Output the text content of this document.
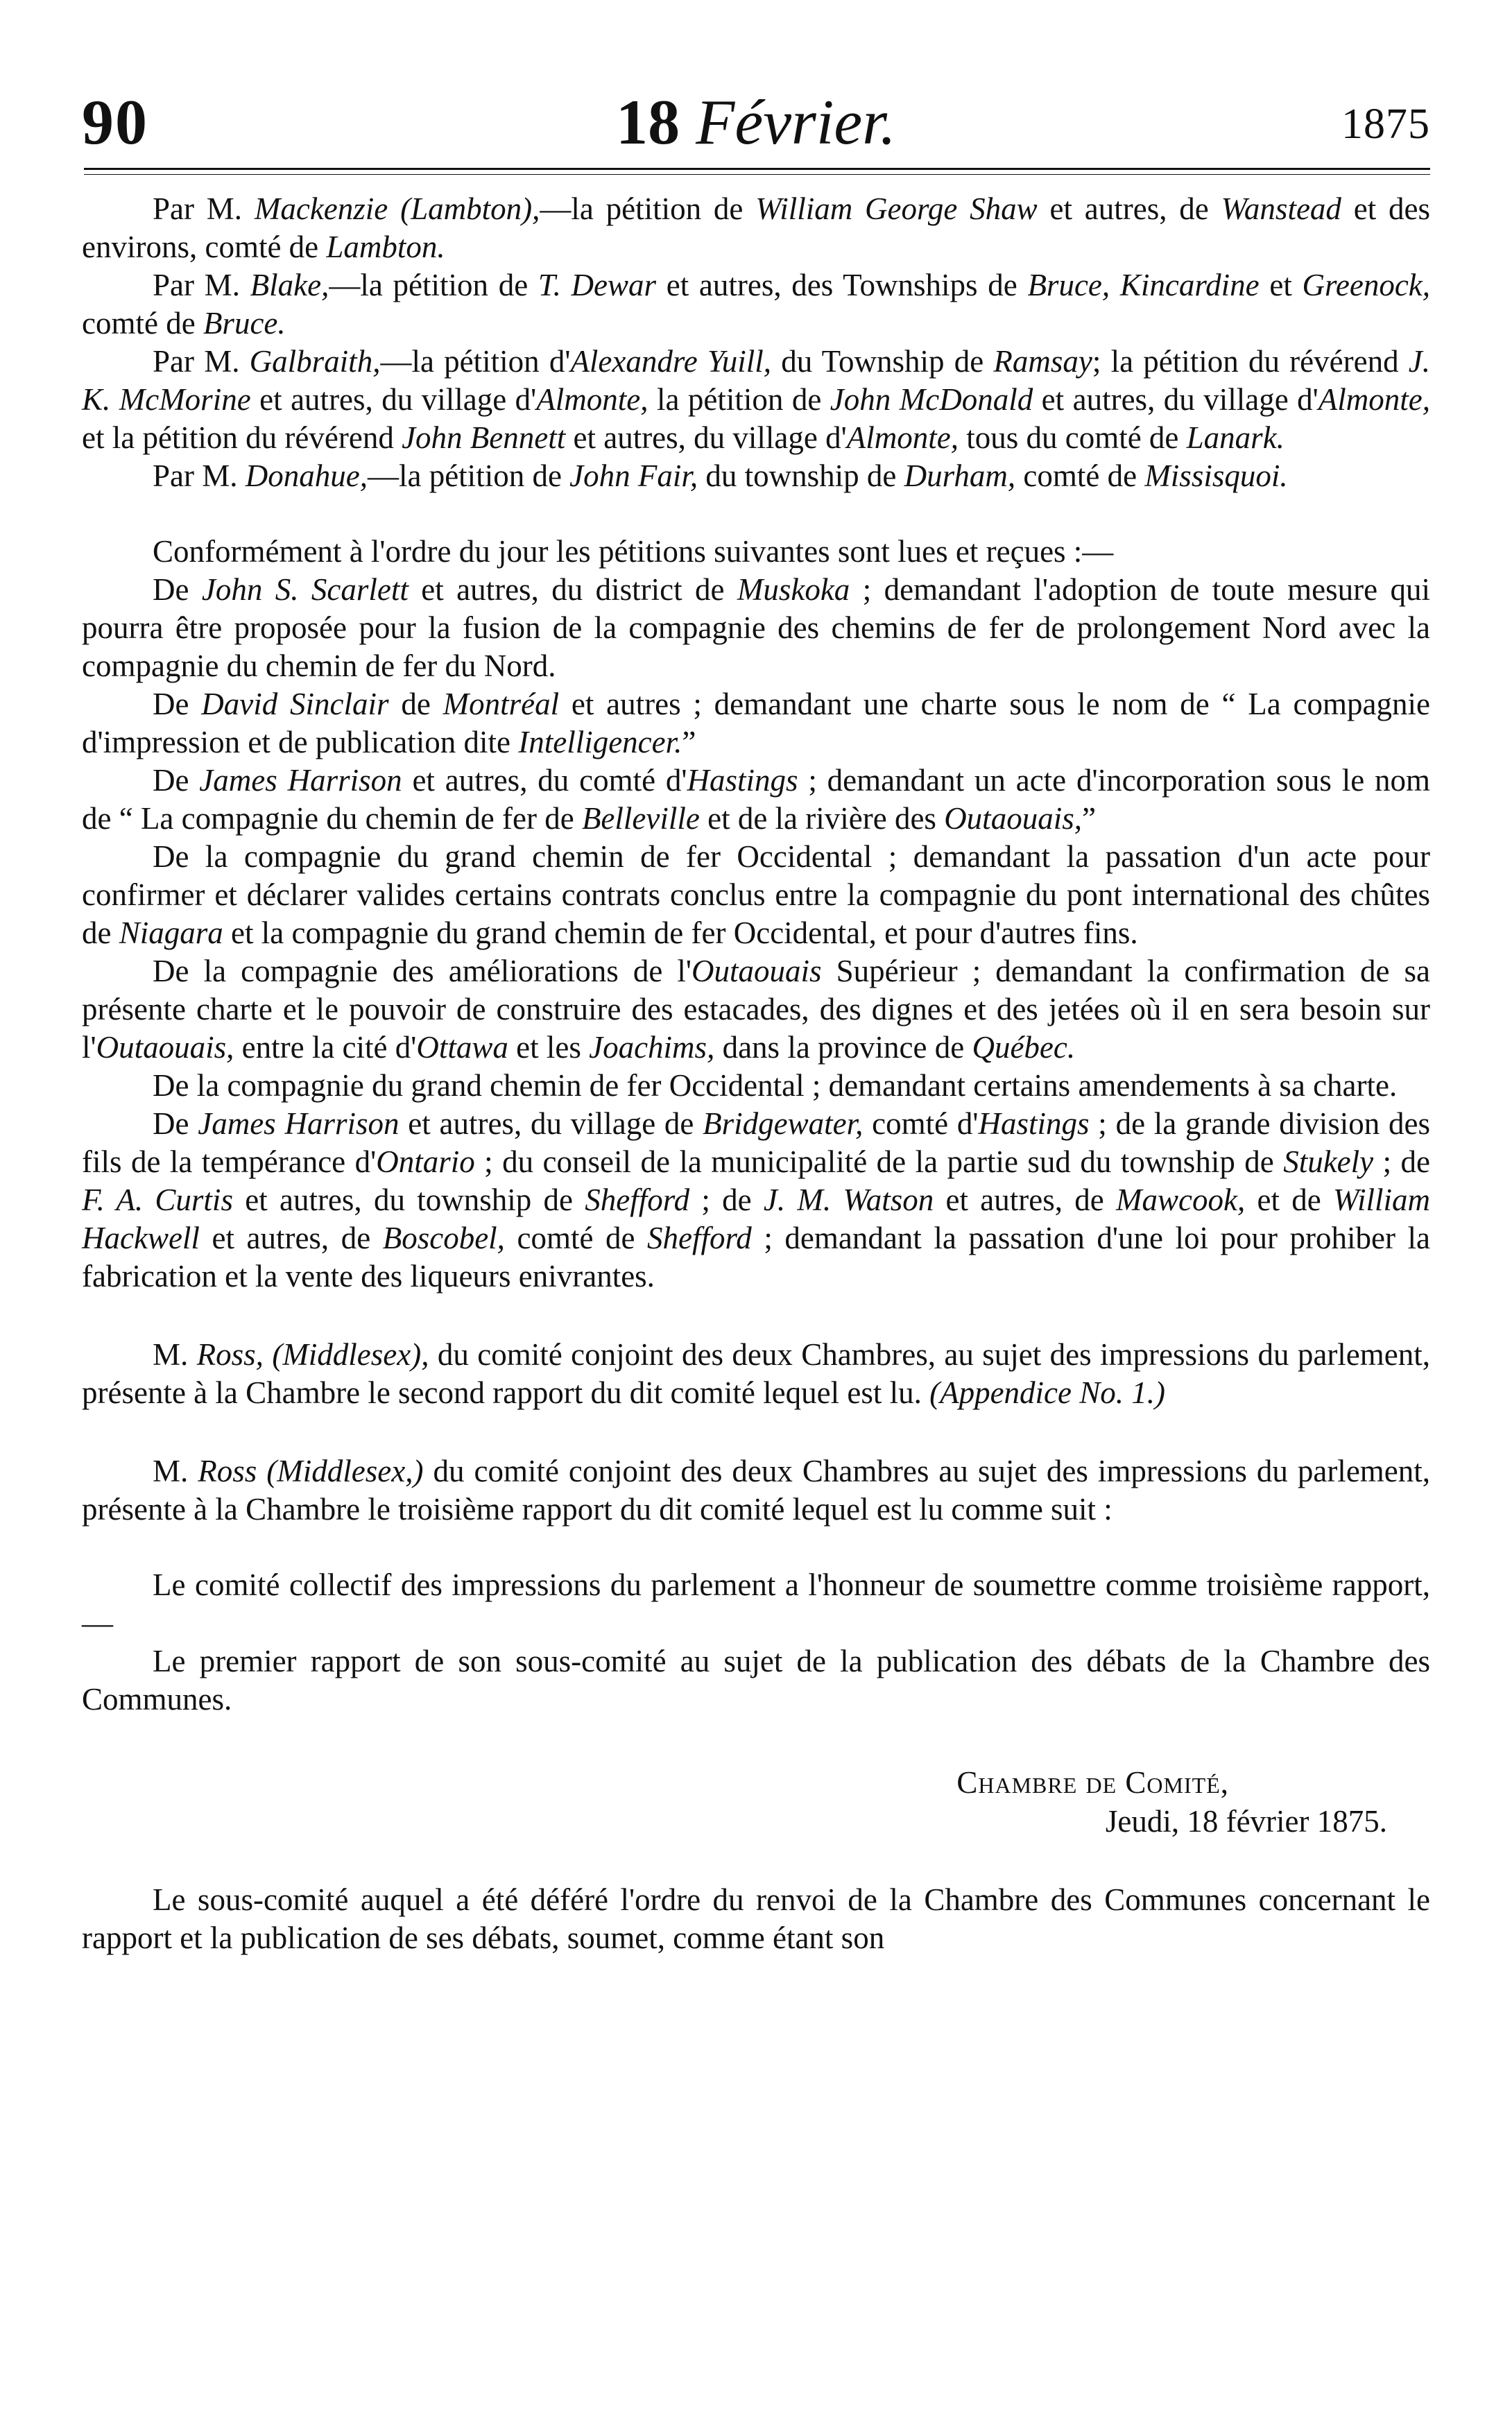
90	18 Février.	1875

Par M. Mackenzie (Lambton),—la pétition de William George Shaw et autres, de Wanstead et des environs, comté de Lambton.

Par M. Blake,—la pétition de T. Dewar et autres, des Townships de Bruce, Kincardine et Greenock, comté de Bruce.

Par M. Galbraith,—la pétition d'Alexandre Yuill, du Township de Ramsay; la pétition du révérend J. K. McMorine et autres, du village d'Almonte, la pétition de John McDonald et autres, du village d'Almonte, et la pétition du révérend John Bennett et autres, du village d'Almonte, tous du comté de Lanark.

Par M. Donahue,—la pétition de John Fair, du township de Durham, comté de Missisquoi.

Conformément à l'ordre du jour les pétitions suivantes sont lues et reçues :—

De John S. Scarlett et autres, du district de Muskoka ; demandant l'adoption de toute mesure qui pourra être proposée pour la fusion de la compagnie des chemins de fer de prolongement Nord avec la compagnie du chemin de fer du Nord.

De David Sinclair de Montréal et autres ; demandant une charte sous le nom de “ La compagnie d'impression et de publication dite Intelligencer.”

De James Harrison et autres, du comté d'Hastings ; demandant un acte d'incorporation sous le nom de “ La compagnie du chemin de fer de Belleville et de la rivière des Outaouais,”

De la compagnie du grand chemin de fer Occidental ; demandant la passation d'un acte pour confirmer et déclarer valides certains contrats conclus entre la compagnie du pont international des chûtes de Niagara et la compagnie du grand chemin de fer Occidental, et pour d'autres fins.

De la compagnie des améliorations de l'Outaouais Supérieur ; demandant la confirmation de sa présente charte et le pouvoir de construire des estacades, des dignes et des jetées où il en sera besoin sur l'Outaouais, entre la cité d'Ottawa et les Joachims, dans la province de Québec.

De la compagnie du grand chemin de fer Occidental ; demandant certains amendements à sa charte.

De James Harrison et autres, du village de Bridgewater, comté d'Hastings ; de la grande division des fils de la tempérance d'Ontario ; du conseil de la municipalité de la partie sud du township de Stukely ; de F. A. Curtis et autres, du township de Shefford ; de J. M. Watson et autres, de Mawcook, et de William Hackwell et autres, de Boscobel, comté de Shefford ; demandant la passation d'une loi pour prohiber la fabrication et la vente des liqueurs enivrantes.

M. Ross, (Middlesex), du comité conjoint des deux Chambres, au sujet des impressions du parlement, présente à la Chambre le second rapport du dit comité lequel est lu. (Appendice No. 1.)

M. Ross (Middlesex,) du comité conjoint des deux Chambres au sujet des impressions du parlement, présente à la Chambre le troisième rapport du dit comité lequel est lu comme suit :

Le comité collectif des impressions du parlement a l'honneur de soumettre comme troisième rapport,—

Le premier rapport de son sous-comité au sujet de la publication des débats de la Chambre des Communes.

Chambre de Comité,
Jeudi, 18 février 1875.

Le sous-comité auquel a été déféré l'ordre du renvoi de la Chambre des Communes concernant le rapport et la publication de ses débats, soumet, comme étant son
